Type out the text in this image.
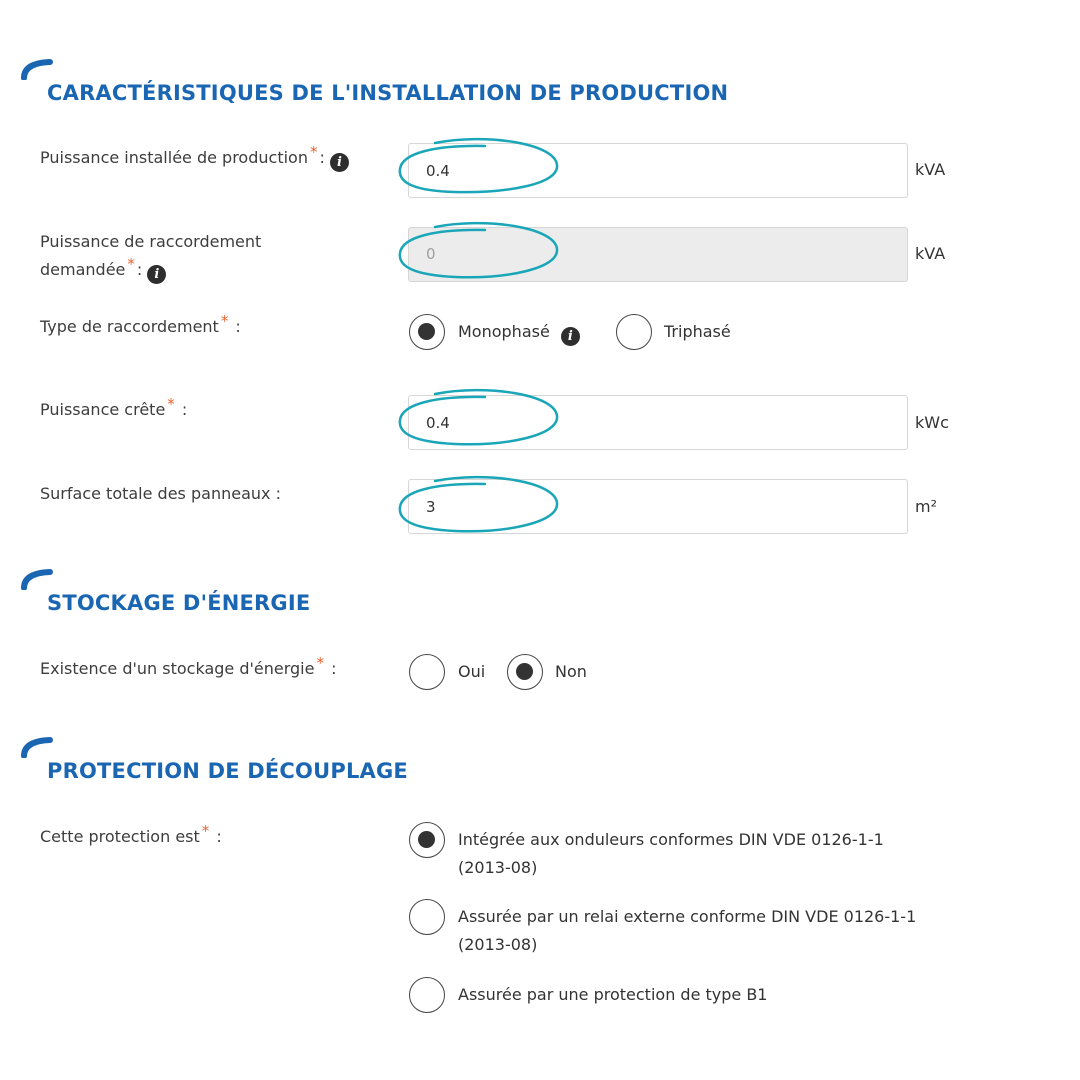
CARACTÉRISTIQUES DE L'INSTALLATION DE PRODUCTION
Puissance installée de production * : i	0.4	kVA
Puissance de raccordement
demandée * : i
0	kVA
Type de raccordement * :	Monophasé i	Triphasé
Puissance crête * :
0.4	kWc
Surface totale des panneaux :
3	m²
STOCKAGE D'ÉNERGIE
Existence d'un stockage d'énergie * :	Oui	Non
PROTECTION DE DÉCOUPLAGE
Cette protection est * :	Intégrée aux onduleurs conformes DIN VDE 0126-1-1
(2013-08)
Assurée par un relai externe conforme DIN VDE 0126-1-1
(2013-08)
Assurée par une protection de type B1
